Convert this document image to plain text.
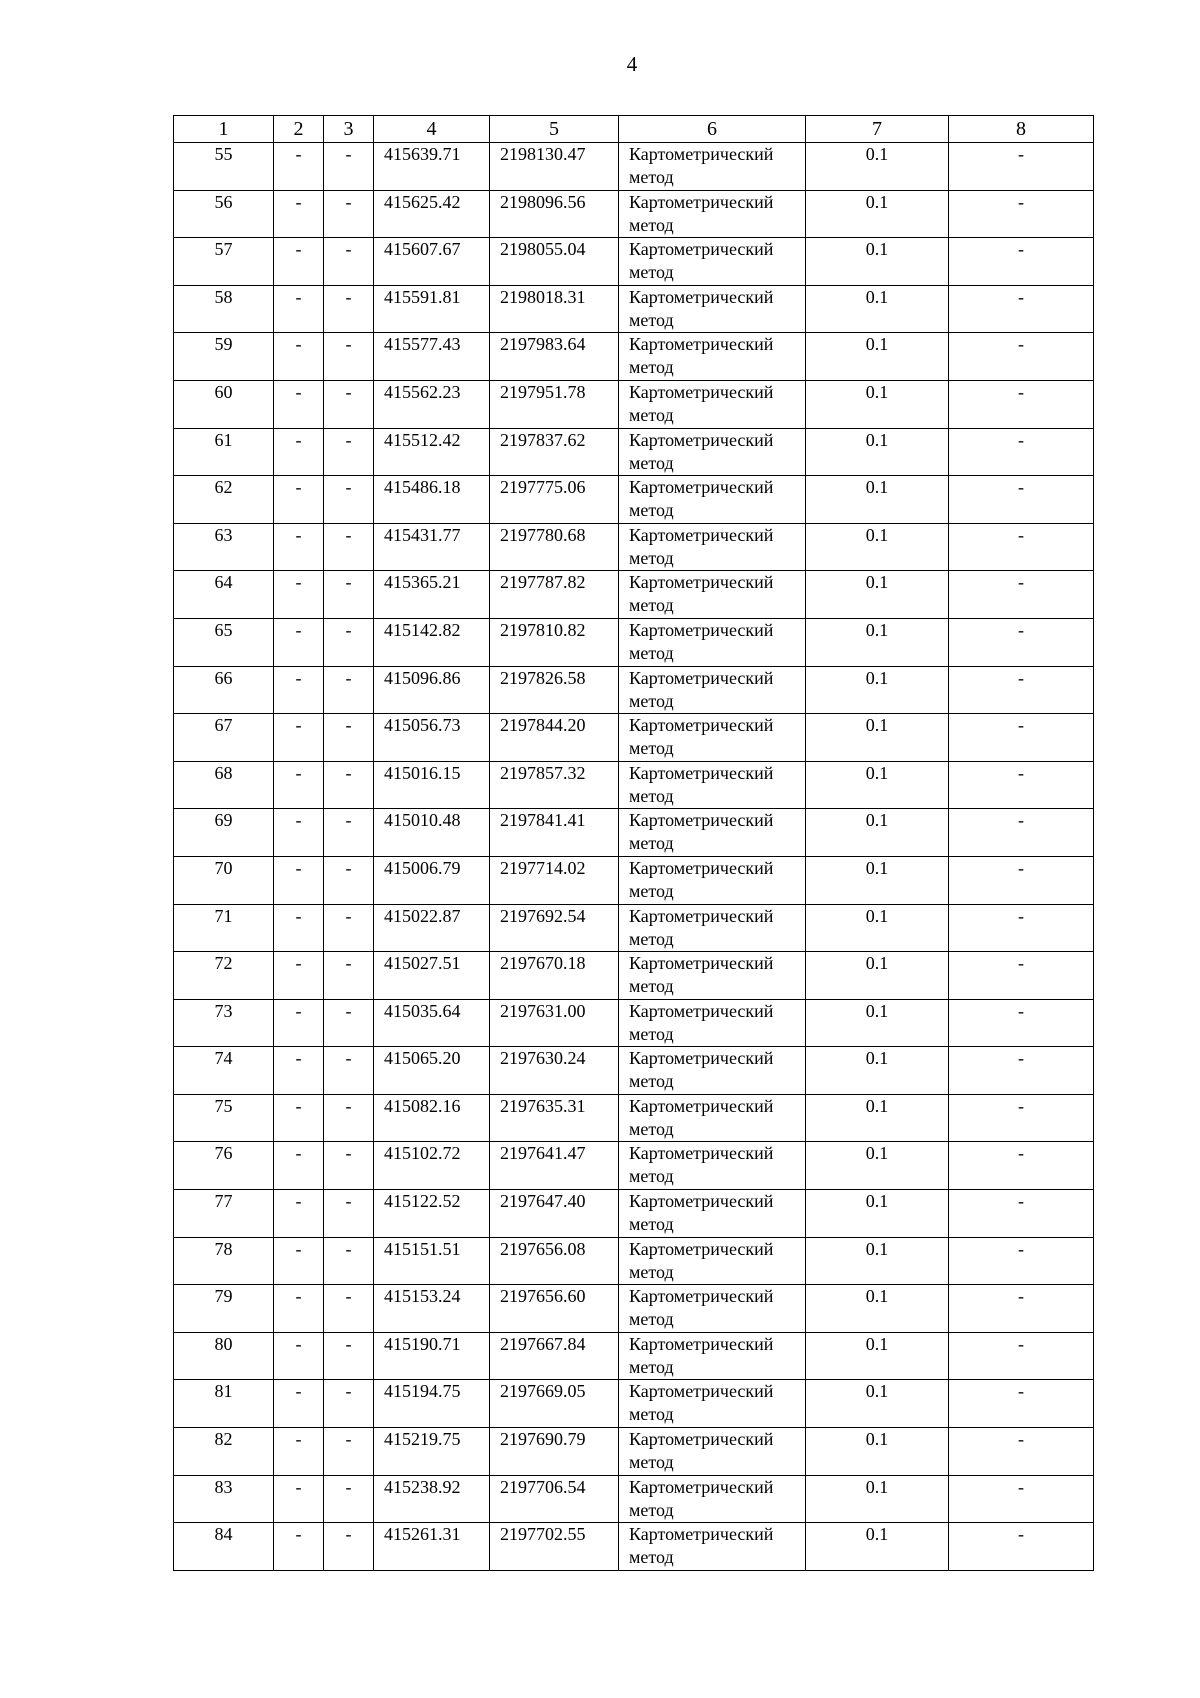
4
1	2	3	4	5	6	7	8
55	-	-	415639.71	2198130.47	Картометрический
метод	0.1	-
56	-	-	415625.42	2198096.56	Картометрический
метод	0.1	-
57	-	-	415607.67	2198055.04	Картометрический
метод	0.1	-
58	-	-	415591.81	2198018.31	Картометрический
метод	0.1	-
59	-	-	415577.43	2197983.64	Картометрический
метод	0.1	-
60	-	-	415562.23	2197951.78	Картометрический
метод	0.1	-
61	-	-	415512.42	2197837.62	Картометрический
метод	0.1	-
62	-	-	415486.18	2197775.06	Картометрический
метод	0.1	-
63	-	-	415431.77	2197780.68	Картометрический
метод	0.1	-
64	-	-	415365.21	2197787.82	Картометрический
метод	0.1	-
65	-	-	415142.82	2197810.82	Картометрический
метод	0.1	-
66	-	-	415096.86	2197826.58	Картометрический
метод	0.1	-
67	-	-	415056.73	2197844.20	Картометрический
метод	0.1	-
68	-	-	415016.15	2197857.32	Картометрический
метод	0.1	-
69	-	-	415010.48	2197841.41	Картометрический
метод	0.1	-
70	-	-	415006.79	2197714.02	Картометрический
метод	0.1	-
71	-	-	415022.87	2197692.54	Картометрический
метод	0.1	-
72	-	-	415027.51	2197670.18	Картометрический
метод	0.1	-
73	-	-	415035.64	2197631.00	Картометрический
метод	0.1	-
74	-	-	415065.20	2197630.24	Картометрический
метод	0.1	-
75	-	-	415082.16	2197635.31	Картометрический
метод	0.1	-
76	-	-	415102.72	2197641.47	Картометрический
метод	0.1	-
77	-	-	415122.52	2197647.40	Картометрический
метод	0.1	-
78	-	-	415151.51	2197656.08	Картометрический
метод	0.1	-
79	-	-	415153.24	2197656.60	Картометрический
метод	0.1	-
80	-	-	415190.71	2197667.84	Картометрический
метод	0.1	-
81	-	-	415194.75	2197669.05	Картометрический
метод	0.1	-
82	-	-	415219.75	2197690.79	Картометрический
метод	0.1	-
83	-	-	415238.92	2197706.54	Картометрический
метод	0.1	-
84	-	-	415261.31	2197702.55	Картометрический
метод	0.1	-
